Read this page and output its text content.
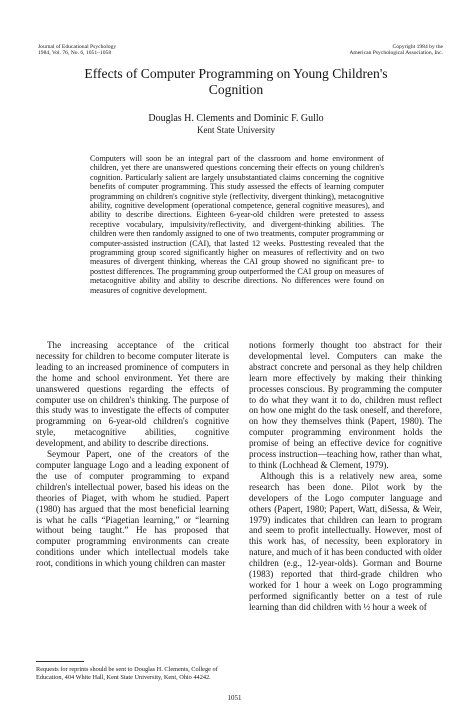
Journal of Educational Psychology
1984, Vol. 76, No. 6, 1051–1058
Copyright 1984 by the
American Psychological Association, Inc.
Effects of Computer Programming on Young Children's Cognition
Douglas H. Clements and Dominic F. Gullo
Kent State University

Computers will soon be an integral part of the classroom and home environment of children, yet there are unanswered questions concerning their effects on young children's cognition. Particularly salient are largely unsubstantiated claims concerning the cognitive benefits of computer programming. This study assessed the effects of learning computer programming on children's cognitive style (reflectivity, divergent thinking), metacognitive ability, cognitive development (operational competence, general cognitive measures), and ability to describe directions. Eighteen 6-year-old children were pretested to assess receptive vocabulary, impulsivity/reflectivity, and divergent-thinking abilities. The children were then randomly assigned to one of two treatments, computer programming or computer-assisted instruction (CAI), that lasted 12 weeks. Posttesting revealed that the programming group scored significantly higher on measures of reflectivity and on two measures of divergent thinking, whereas the CAI group showed no significant pre- to posttest differences. The programming group outperformed the CAI group on measures of metacognitive ability and ability to describe directions. No differences were found on measures of cognitive development.

The increasing acceptance of the critical necessity for children to become computer literate is leading to an increased prominence of computers in the home and school environment. Yet there are unanswered questions regarding the effects of computer use on children's thinking. The purpose of this study was to investigate the effects of computer programming on 6-year-old children's cognitive style, metacognitive abilities, cognitive development, and ability to describe directions.

Seymour Papert, one of the creators of the computer language Logo and a leading exponent of the use of computer programming to expand children's intellectual power, based his ideas on the theories of Piaget, with whom he studied. Papert (1980) has argued that the most beneficial learning is what he calls “Piagetian learning,” or “learning without being taught.” He has proposed that computer programming environments can create conditions under which intellectual models take root, conditions in which young children can master

notions formerly thought too abstract for their developmental level. Computers can make the abstract concrete and personal as they help children learn more effectively by making their thinking processes conscious. By programming the computer to do what they want it to do, children must reflect on how one might do the task oneself, and therefore, on how they themselves think (Papert, 1980). The computer programming environment holds the promise of being an effective device for cognitive process instruction—teaching how, rather than what, to think (Lochhead & Clement, 1979).

Although this is a relatively new area, some research has been done. Pilot work by the developers of the Logo computer language and others (Papert, 1980; Papert, Watt, diSessa, & Weir, 1979) indicates that children can learn to program and seem to profit intellectually. However, most of this work has, of necessity, been exploratory in nature, and much of it has been conducted with older children (e.g., 12-year-olds). Gorman and Bourne (1983) reported that third-grade children who worked for 1 hour a week on Logo programming performed significantly better on a test of rule learning than did children with ½ hour a week of

Requests for reprints should be sent to Douglas H. Clements, College of Education, 404 White Hall, Kent State University, Kent, Ohio 44242.
1051
